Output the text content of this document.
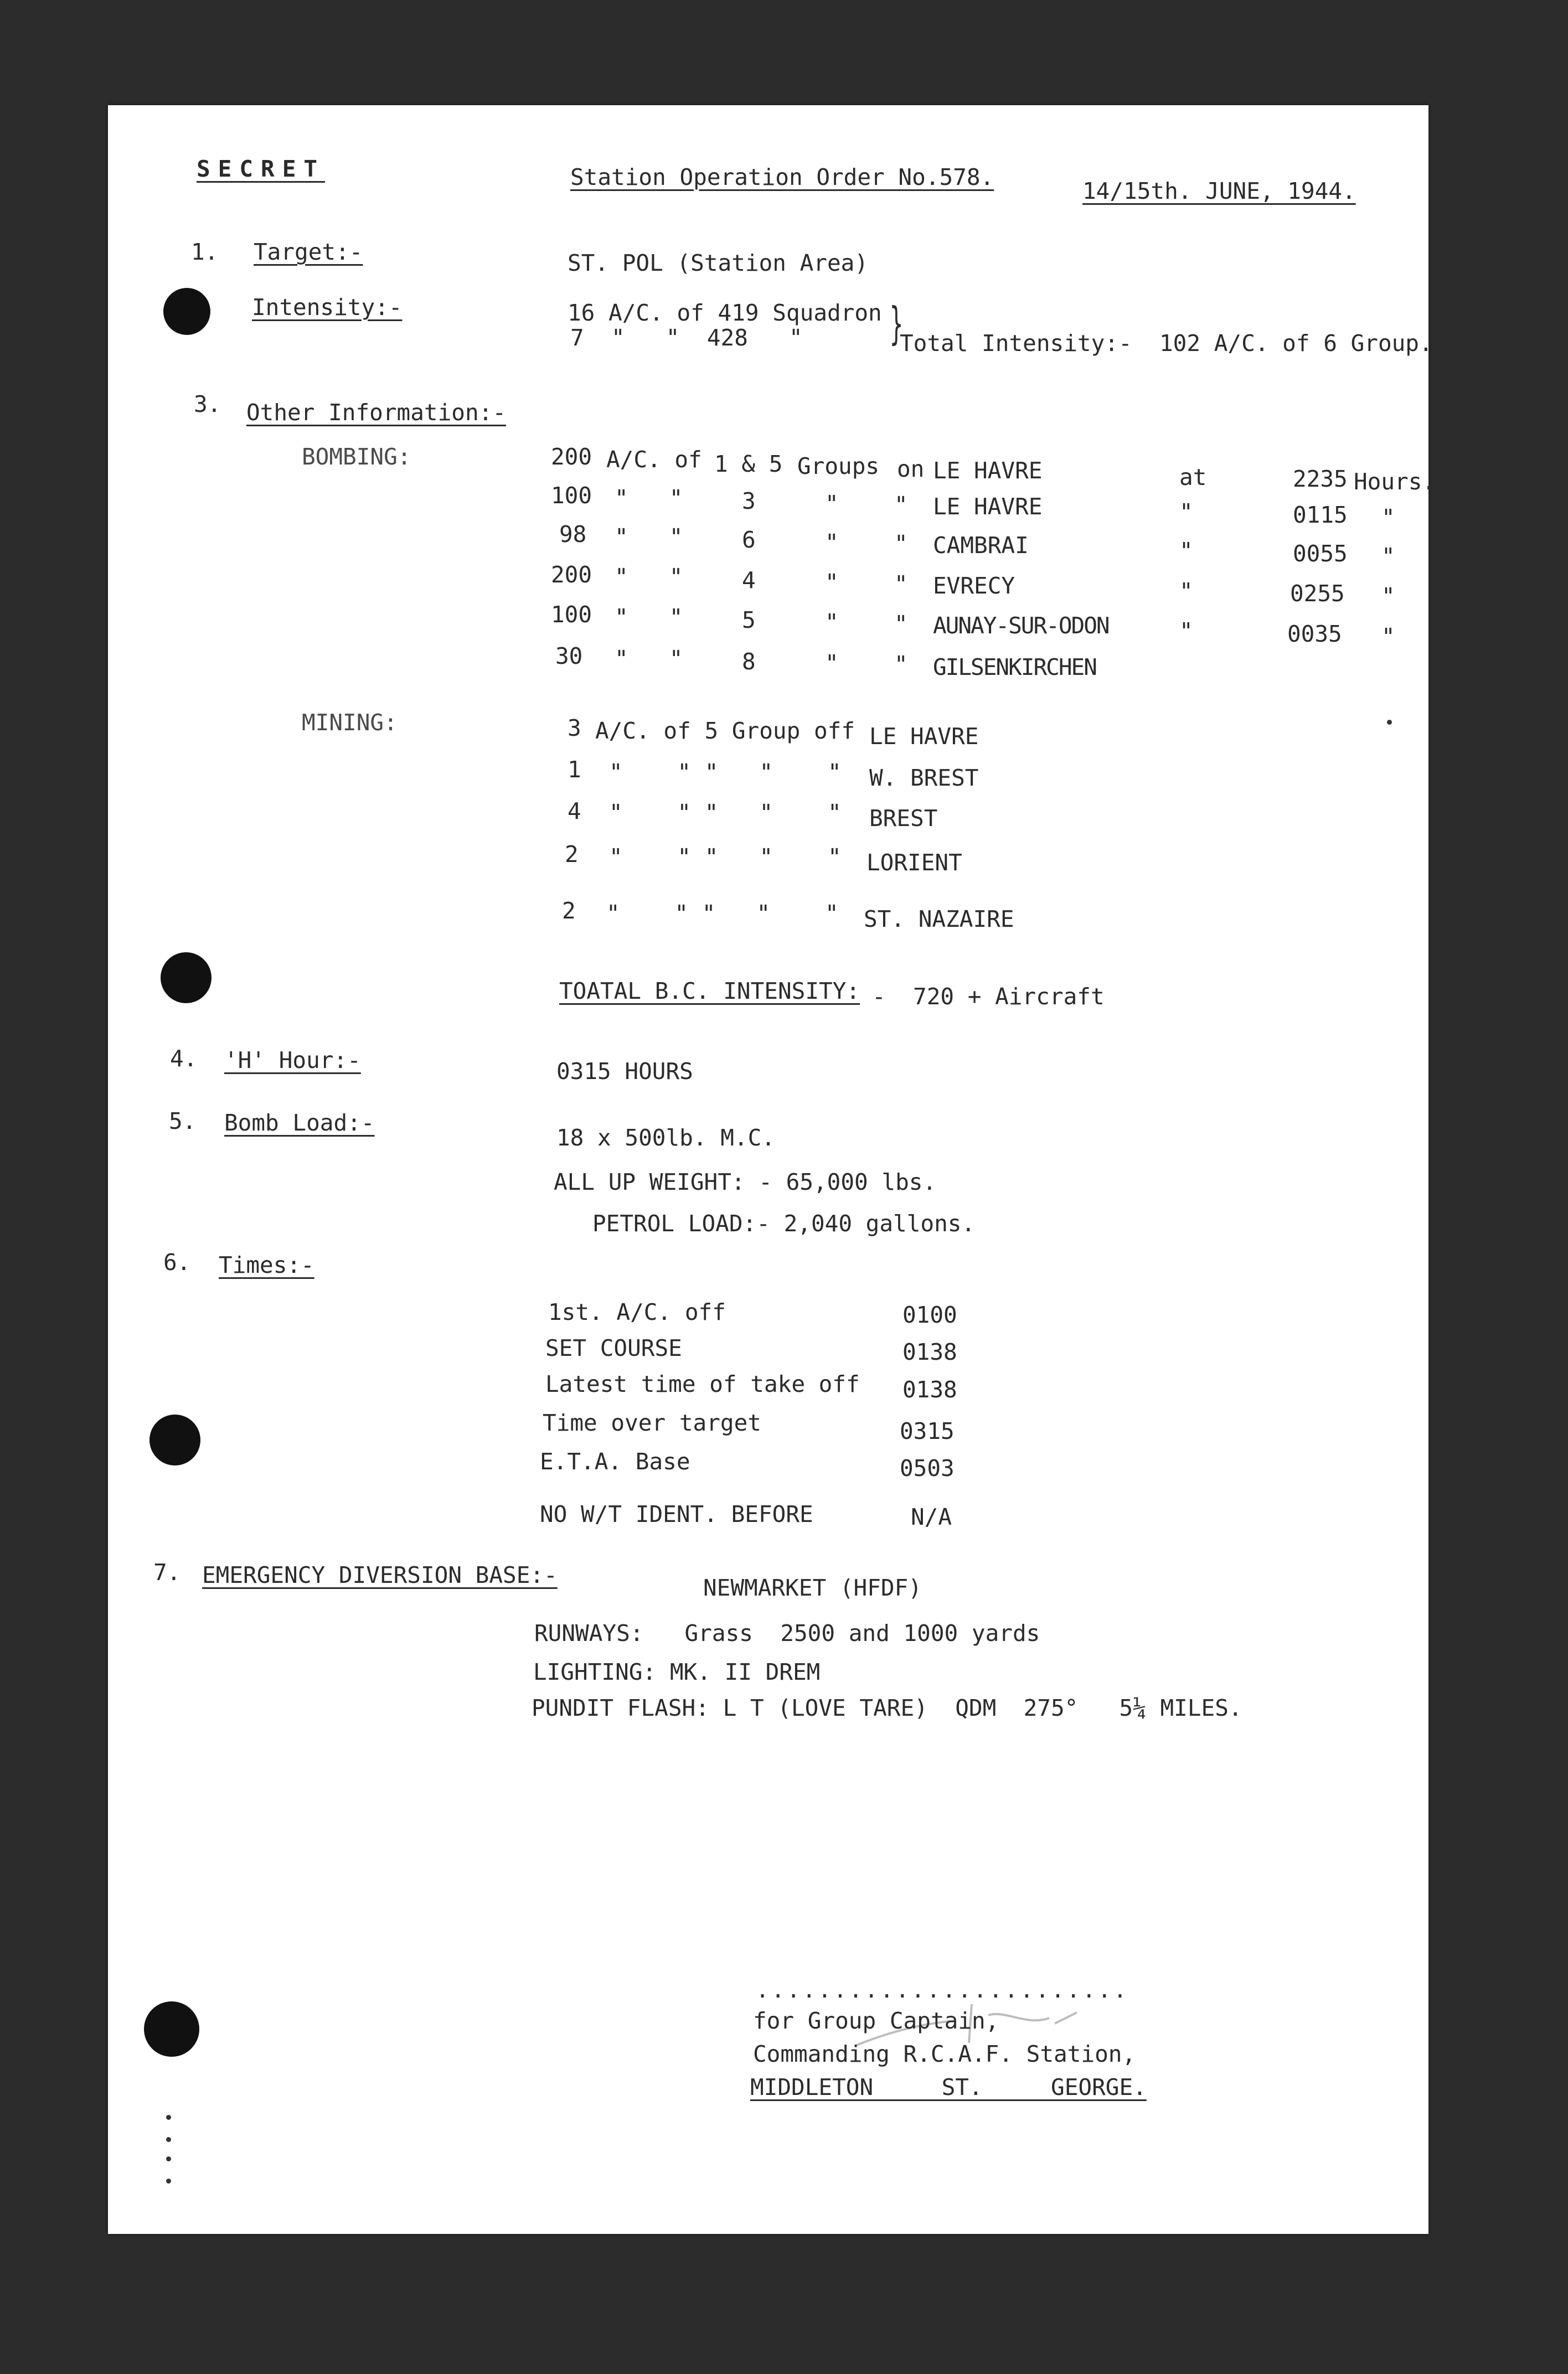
SECRET	Station Operation Order No.578.
14/15th. JUNE, 1944.
1. Target:-	ST. POL (Station Area)
Intensity:-	16 A/C. of 419 Squadron
7  "   "  428   " }
Total Intensity:-  102 A/C. of 6 Group.
3. Other Information:-
BOMBING:	200 A/C. of 1 & 5 Groups on LE HAVRE	at	2235 Hours.
100 "   "	3	" " LE HAVRE	"	0115 "
98 "   "	6	" " CAMBRAI	"	0055 "
200 "   "	4	" " EVRECY	"	0255 "
100 "   "	5	" " AUNAY-SUR-ODON	"	0035 "
30 "   "	8	" " GILSENKIRCHEN
MINING:	3 A/C. of 5 Group off LE HAVRE
1 "    " "   "    " W. BREST
4 "    " "   "    " BREST
2 "    " "   "    " LORIENT
2 "    " "   "    " ST. NAZAIRE
TOATAL B.C. INTENSITY: -  720 + Aircraft
4. 'H' Hour:-	0315 HOURS
5. Bomb Load:-
18 x 500lb. M.C.
ALL UP WEIGHT: - 65,000 lbs.
PETROL LOAD:- 2,040 gallons.
6. Times:-
1st. A/C. off	0100
SET COURSE	0138
Latest time of take off 0138
Time over target	0315
E.T.A. Base	0503
NO W/T IDENT. BEFORE	N/A
7. EMERGENCY DIVERSION BASE:-	NEWMARKET (HFDF)
RUNWAYS:   Grass  2500 and 1000 yards
LIGHTING: MK. II DREM
PUNDIT FLASH: L T (LOVE TARE)  QDM  275°   5¼ MILES.
........................
for Group Captain,
Commanding R.C.A.F. Station,
MIDDLETON     ST.     GEORGE.
